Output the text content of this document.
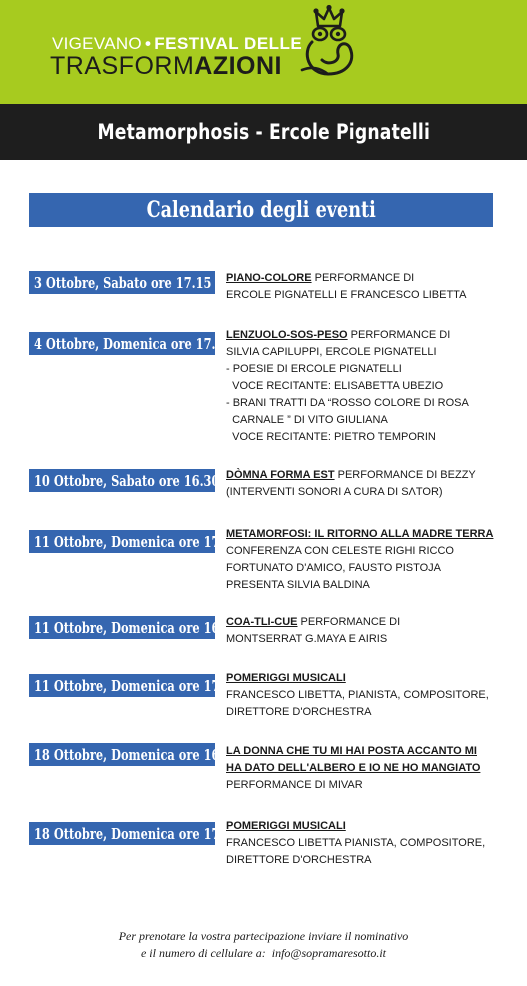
VIGEVANO • FESTIVAL DELLE
TRASFORMAZIONI
Metamorphosis - Ercole Pignatelli
Calendario degli eventi
3 Ottobre, Sabato ore 17.15 PIANO-COLORE PERFORMANCE DI
ERCOLE PIGNATELLI E FRANCESCO LIBETTA
4 Ottobre, Domenica ore 17.15
LENZUOLO-SOS-PESO PERFORMANCE DI
SILVIA CAPILUPPI, ERCOLE PIGNATELLI
- POESIE DI ERCOLE PIGNATELLI
VOCE RECITANTE: ELISABETTA UBEZIO
- BRANI TRATTI DA “ROSSO COLORE DI ROSA
CARNALE ” DI VITO GIULIANA
VOCE RECITANTE: PIETRO TEMPORIN
10 Ottobre, Sabato ore 16.30 DÒMNA FORMA EST PERFORMANCE DI BEZZY
(INTERVENTI SONORI A CURA DI SΛTOR)
11 Ottobre, Domenica ore 17.00
METAMORFOSI: IL RITORNO ALLA MADRE TERRA
CONFERENZA CON CELESTE RIGHI RICCO
FORTUNATO D'AMICO, FAUSTO PISTOJA
PRESENTA SILVIA BALDINA
11 Ottobre, Domenica ore 16.30
COA-TLI-CUE PERFORMANCE DI
MONTSERRAT G.MAYA E AIRIS
11 Ottobre, Domenica ore 17.15
POMERIGGI MUSICALI
FRANCESCO LIBETTA, PIANISTA, COMPOSITORE,
DIRETTORE D'ORCHESTRA
18 Ottobre, Domenica ore 16.30
LA DONNA CHE TU MI HAI POSTA ACCANTO MI
HA DATO DELL'ALBERO E IO NE HO MANGIATO
PERFORMANCE DI MIVAR
18 Ottobre, Domenica ore 17.15
POMERIGGI MUSICALI
FRANCESCO LIBETTA PIANISTA, COMPOSITORE,
DIRETTORE D'ORCHESTRA
Per prenotare la vostra partecipazione inviare il nominativo
e il numero di cellulare a:  info@sopramaresotto.it
